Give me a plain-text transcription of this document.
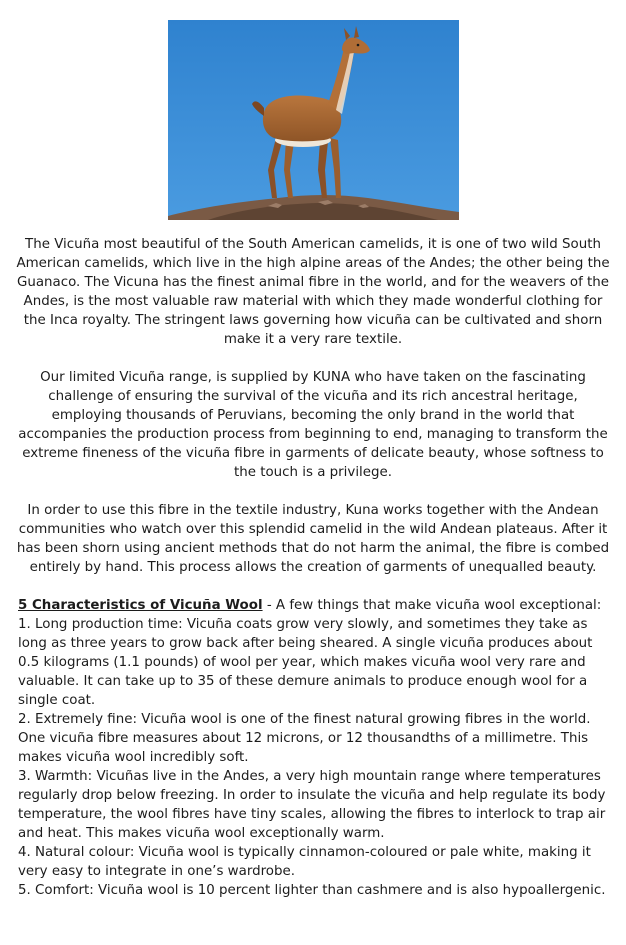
The Vicuña most beautiful of the South American camelids, it is one of two wild South American camelids, which live in the high alpine areas of the Andes; the other being the Guanaco. The Vicuna has the finest animal fibre in the world, and for the weavers of the Andes, is the most valuable raw material with which they made wonderful clothing for the Inca royalty. The stringent laws governing how vicuña can be cultivated and shorn make it a very rare textile.

Our limited Vicuña range, is supplied by KUNA who have taken on the fascinating challenge of ensuring the survival of the vicuña and its rich ancestral heritage, employing thousands of Peruvians, becoming the only brand in the world that accompanies the production process from beginning to end, managing to transform the extreme fineness of the vicuña fibre in garments of delicate beauty, whose softness to the touch is a privilege.

In order to use this fibre in the textile industry, Kuna works together with the Andean communities who watch over this splendid camelid in the wild Andean plateaus. After it has been shorn using ancient methods that do not harm the animal, the fibre is combed entirely by hand. This process allows the creation of garments of unequalled beauty.

5 Characteristics of Vicuña Wool - A few things that make vicuña wool exceptional:
1. Long production time: Vicuña coats grow very slowly, and sometimes they take as long as three years to grow back after being sheared. A single vicuña produces about 0.5 kilograms (1.1 pounds) of wool per year, which makes vicuña wool very rare and valuable. It can take up to 35 of these demure animals to produce enough wool for a single coat.
2. Extremely fine: Vicuña wool is one of the finest natural growing fibres in the world. One vicuña fibre measures about 12 microns, or 12 thousandths of a millimetre. This makes vicuña wool incredibly soft.
3. Warmth: Vicuñas live in the Andes, a very high mountain range where temperatures regularly drop below freezing. In order to insulate the vicuña and help regulate its body temperature, the wool fibres have tiny scales, allowing the fibres to interlock to trap air and heat. This makes vicuña wool exceptionally warm.
4. Natural colour: Vicuña wool is typically cinnamon-coloured or pale white, making it very easy to integrate in one’s wardrobe.
5. Comfort: Vicuña wool is 10 percent lighter than cashmere and is also hypoallergenic.
